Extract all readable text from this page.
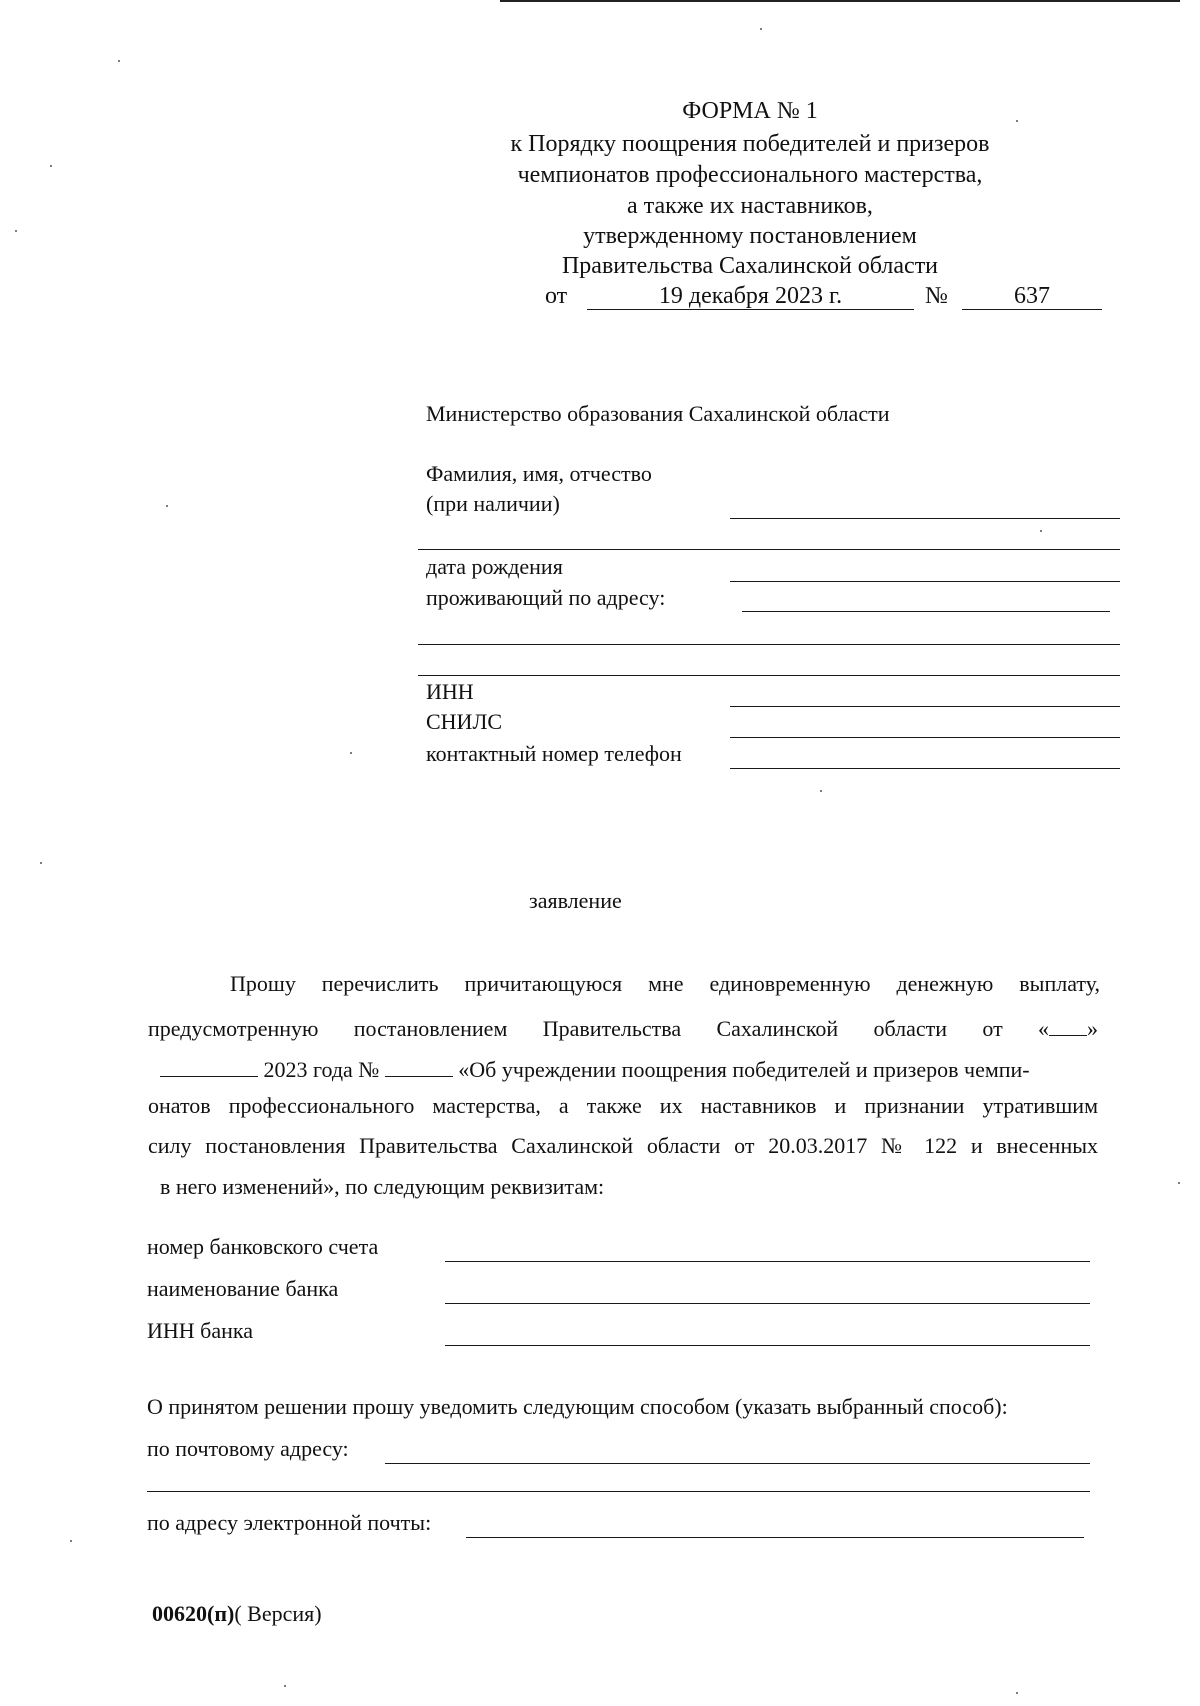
ФОРМА № 1
к Порядку поощрения победителей и призеров
чемпионатов профессионального мастерства,
а также их наставников,
утвержденному постановлением
Правительства Сахалинской области
от	19 декабря 2023 г.	№	637
Министерство образования Сахалинской области
Фамилия, имя, отчество
(при наличии)
дата рождения
проживающий по адресу:
ИНН
СНИЛС
контактный номер телефон
заявление
Прошу перечислить причитающуюся мне единовременную денежную выплату,
предусмотренную постановлением Правительства Сахалинской области от « »
2023 года №	«Об учреждении поощрения победителей и призеров чемпи-
онатов профессионального мастерства, а также их наставников и признании утратившим
силу постановления Правительства Сахалинской области от 20.03.2017 № 122 и внесенных
в него изменений», по следующим реквизитам:
номер банковского счета
наименование банка
ИНН банка
О принятом решении прошу уведомить следующим способом (указать выбранный способ):
по почтовому адресу:
по адресу электронной почты:
00620(п)( Версия)
